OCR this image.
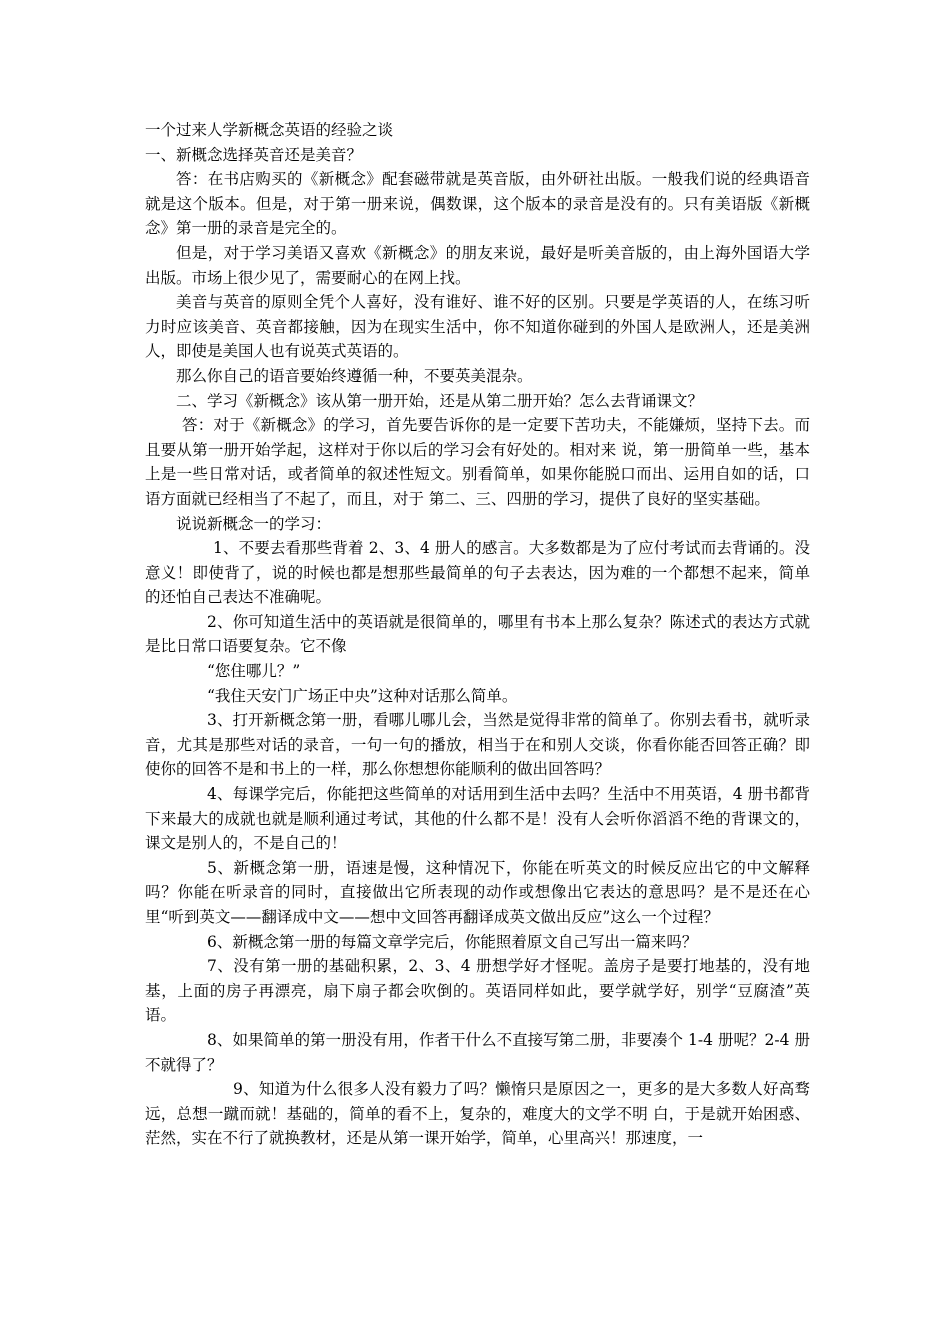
一个过来人学新概念英语的经验之谈

一、新概念选择英音还是美音？

答：在书店购买的《新概念》配套磁带就是英音版，由外研社出版。一般我们说的经典语音就是这个版本。但是，对于第一册来说，偶数课，这个版本的录音是没有的。只有美语版《新概念》第一册的录音是完全的。

但是，对于学习美语又喜欢《新概念》的朋友来说，最好是听美音版的，由上海外国语大学出版。市场上很少见了，需要耐心的在网上找。

美音与英音的原则全凭个人喜好，没有谁好、谁不好的区别。只要是学英语的人，在练习听力时应该美音、英音都接触，因为在现实生活中，你不知道你碰到的外国人是欧洲人，还是美洲人，即使是美国人也有说英式英语的。

那么你自己的语音要始终遵循一种，不要英美混杂。

二、学习《新概念》该从第一册开始，还是从第二册开始？怎么去背诵课文？

答：对于《新概念》的学习，首先要告诉你的是一定要下苦功夫，不能嫌烦，坚持下去。而且要从第一册开始学起，这样对于你以后的学习会有好处的。相对来 说，第一册简单一些，基本上是一些日常对话，或者简单的叙述性短文。别看简单，如果你能脱口而出、运用自如的话，口语方面就已经相当了不起了，而且，对于 第二、三、四册的学习，提供了良好的坚实基础。

说说新概念一的学习：

1、不要去看那些背着 2、3、4 册人的感言。大多数都是为了应付考试而去背诵的。没意义！即使背了，说的时候也都是想那些最简单的句子去表达，因为难的一个都想不起来，简单的还怕自己表达不准确呢。

2、你可知道生活中的英语就是很简单的，哪里有书本上那么复杂？陈述式的表达方式就是比日常口语要复杂。它不像

“您住哪儿？”

“我住天安门广场正中央”这种对话那么简单。

3、打开新概念第一册，看哪儿哪儿会，当然是觉得非常的简单了。你别去看书，就听录音，尤其是那些对话的录音，一句一句的播放，相当于在和别人交谈，你看你能否回答正确？即使你的回答不是和书上的一样，那么你想想你能顺利的做出回答吗？

4、每课学完后，你能把这些简单的对话用到生活中去吗？生活中不用英语，4 册书都背下来最大的成就也就是顺利通过考试，其他的什么都不是！没有人会听你滔滔不绝的背课文的，课文是别人的，不是自己的！

5、新概念第一册，语速是慢，这种情况下，你能在听英文的时候反应出它的中文解释吗？你能在听录音的同时，直接做出它所表现的动作或想像出它表达的意思吗？是不是还在心里“听到英文——翻译成中文——想中文回答再翻译成英文做出反应”这么一个过程？

6、新概念第一册的每篇文章学完后，你能照着原文自己写出一篇来吗？

7、没有第一册的基础积累，2、3、4 册想学好才怪呢。盖房子是要打地基的，没有地基，上面的房子再漂亮，扇下扇子都会吹倒的。英语同样如此，要学就学好，别学“豆腐渣”英语。

8、如果简单的第一册没有用，作者干什么不直接写第二册，非要凑个 1-4 册呢？2-4 册不就得了？

9、知道为什么很多人没有毅力了吗？懒惰只是原因之一，更多的是大多数人好高骛远，总想一蹴而就！基础的，简单的看不上，复杂的，难度大的文学不明 白，于是就开始困惑、茫然，实在不行了就换教材，还是从第一课开始学，简单，心里高兴！那速度，一
